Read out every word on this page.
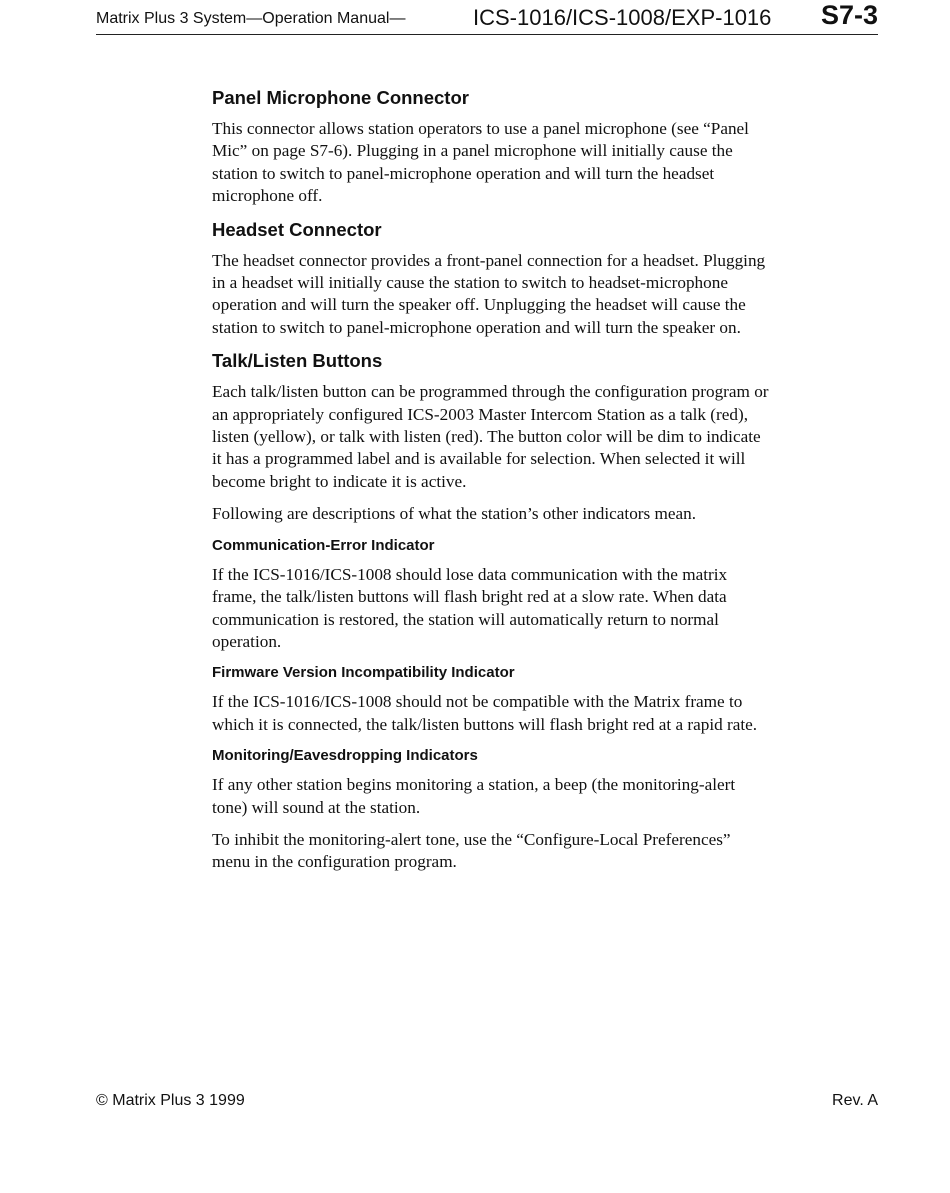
Matrix Plus 3 System—Operation Manual—	ICS-1016/ICS-1008/EXP-1016 S7-3
Panel Microphone Connector

This connector allows station operators to use a panel microphone (see “Panel Mic” on page S7-6). Plugging in a panel microphone will initially cause the station to switch to panel-microphone operation and will turn the headset microphone off.

Headset Connector

The headset connector provides a front-panel connection for a headset. Plugging in a headset will initially cause the station to switch to headset-microphone operation and will turn the speaker off. Unplugging the headset will cause the station to switch to panel-microphone operation and will turn the speaker on.

Talk/Listen Buttons

Each talk/listen button can be programmed through the configuration program or an appropriately configured ICS-2003 Master Intercom Station as a talk (red), listen (yellow), or talk with listen (red). The button color will be dim to indicate it has a programmed label and is available for selection. When selected it will become bright to indicate it is active.

Following are descriptions of what the station’s other indicators mean.

Communication-Error Indicator

If the ICS-1016/ICS-1008 should lose data communication with the matrix frame, the talk/listen buttons will flash bright red at a slow rate. When data communication is restored, the station will automatically return to normal operation.

Firmware Version Incompatibility Indicator

If the ICS-1016/ICS-1008 should not be compatible with the Matrix frame to which it is connected, the talk/listen buttons will flash bright red at a rapid rate.

Monitoring/Eavesdropping Indicators

If any other station begins monitoring a station, a beep (the monitoring-alert tone) will sound at the station.

To inhibit the monitoring-alert tone, use the “Configure-Local Preferences” menu in the configuration program.

© Matrix Plus 3 1999	Rev. A
